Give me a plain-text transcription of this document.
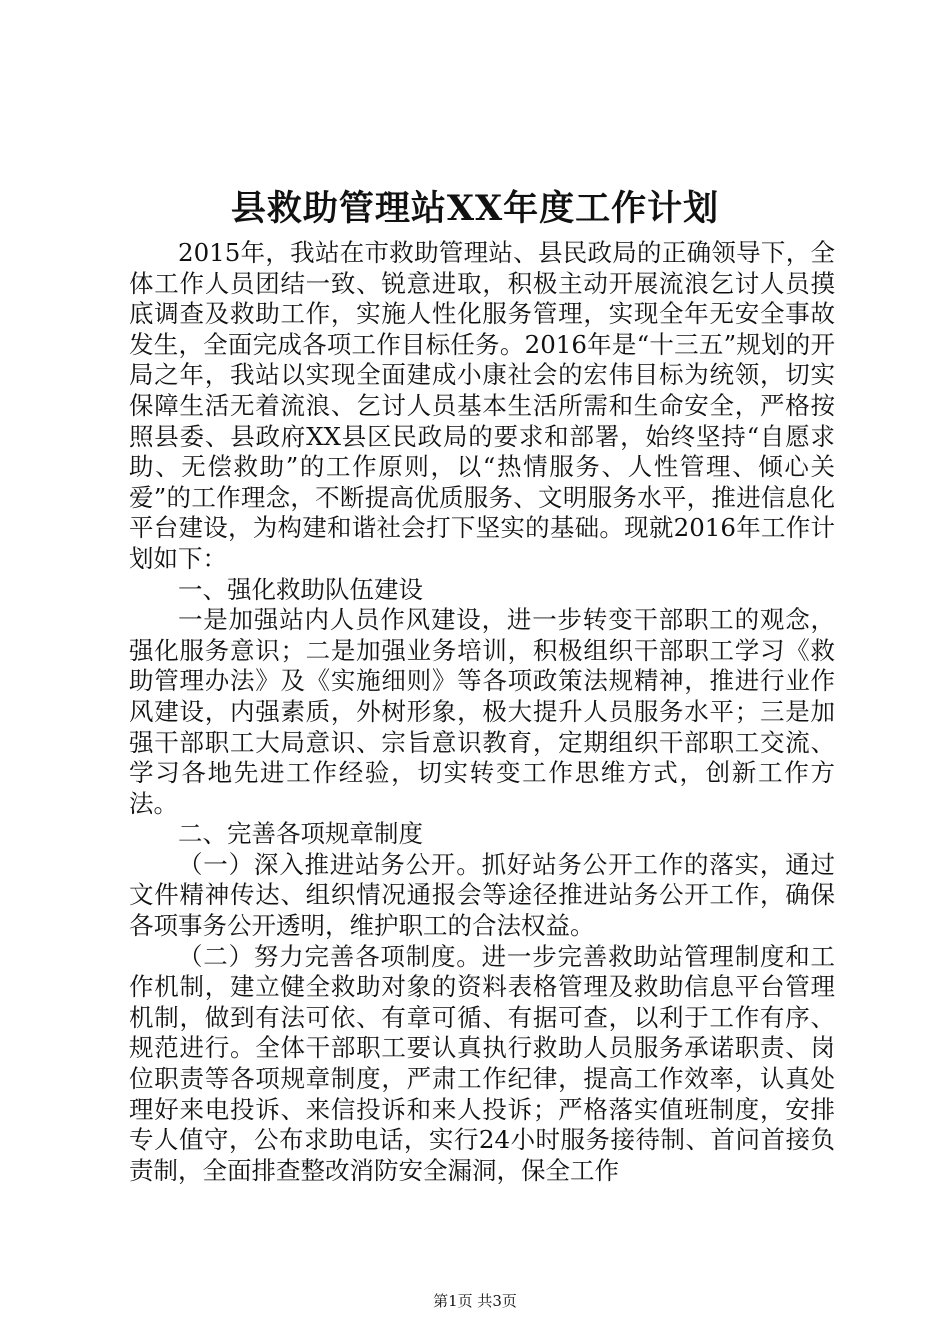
县救助管理站XX年度工作计划

2015年，我站在市救助管理站、县民政局的正确领导下，全体工作人员团结一致、锐意进取，积极主动开展流浪乞讨人员摸底调查及救助工作，实施人性化服务管理，实现全年无安全事故发生，全面完成各项工作目标任务。2016年是“十三五”规划的开局之年，我站以实现全面建成小康社会的宏伟目标为统领，切实保障生活无着流浪、乞讨人员基本生活所需和生命安全，严格按照县委、县政府XX县区民政局的要求和部署，始终坚持“自愿求助、无偿救助”的工作原则，以“热情服务、人性管理、倾心关爱”的工作理念，不断提高优质服务、文明服务水平，推进信息化平台建设，为构建和谐社会打下坚实的基础。现就2016年工作计划如下：

一、强化救助队伍建设

一是加强站内人员作风建设，进一步转变干部职工的观念，强化服务意识；二是加强业务培训，积极组织干部职工学习《救助管理办法》及《实施细则》等各项政策法规精神，推进行业作风建设，内强素质，外树形象，极大提升人员服务水平；三是加强干部职工大局意识、宗旨意识教育，定期组织干部职工交流、学习各地先进工作经验，切实转变工作思维方式，创新工作方法。

二、完善各项规章制度

（一）深入推进站务公开。抓好站务公开工作的落实，通过文件精神传达、组织情况通报会等途径推进站务公开工作，确保各项事务公开透明，维护职工的合法权益。

（二）努力完善各项制度。进一步完善救助站管理制度和工作机制，建立健全救助对象的资料表格管理及救助信息平台管理机制，做到有法可依、有章可循、有据可查，以利于工作有序、规范进行。全体干部职工要认真执行救助人员服务承诺职责、岗位职责等各项规章制度，严肃工作纪律，提高工作效率，认真处理好来电投诉、来信投诉和来人投诉；严格落实值班制度，安排专人值守，公布求助电话，实行24小时服务接待制、首问首接负责制，全面排查整改消防安全漏洞，保全工作

第1页 共3页
